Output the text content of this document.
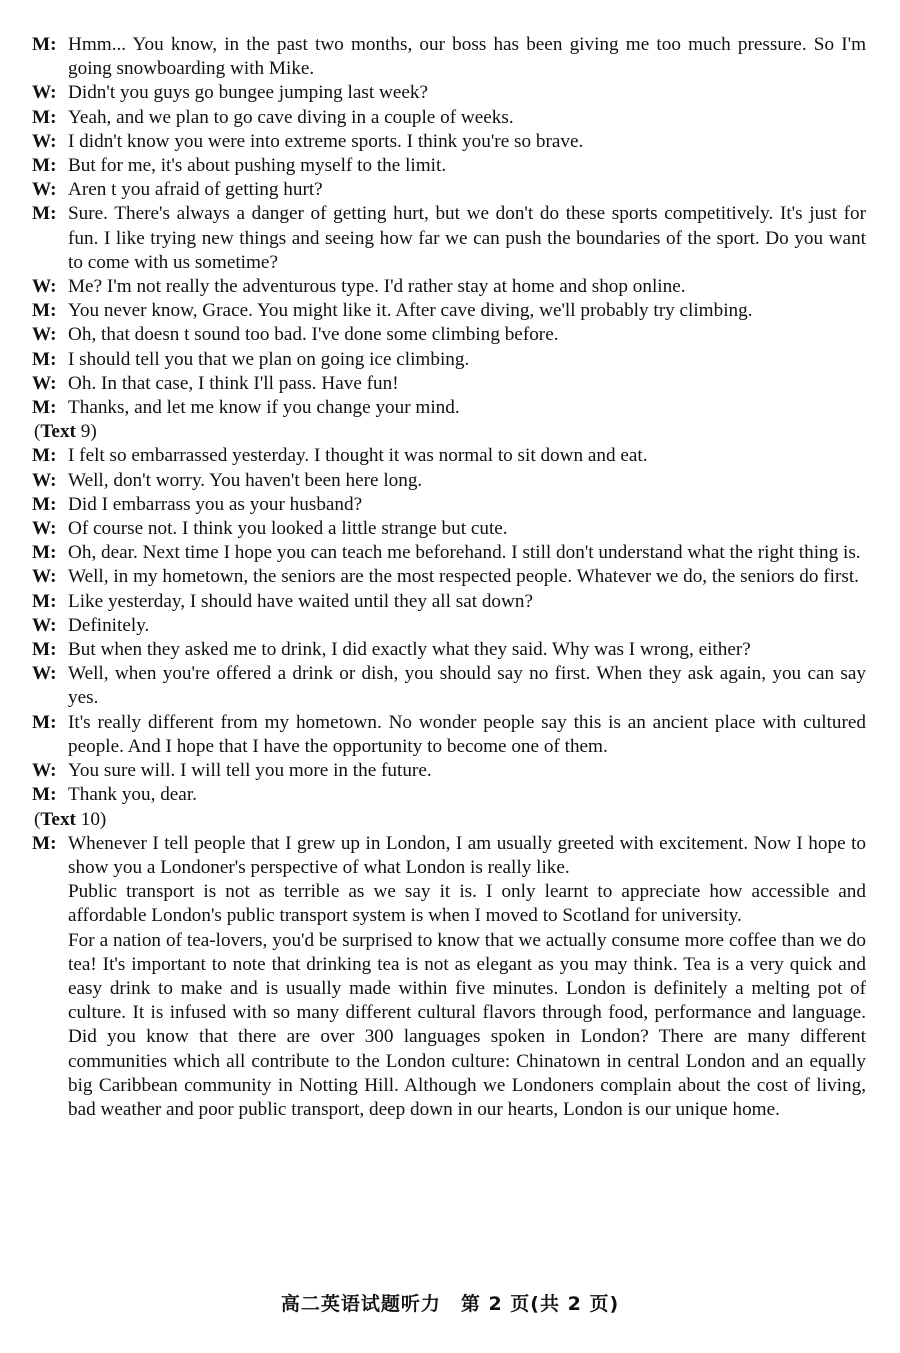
M: Hmm... You know, in the past two months, our boss has been giving me too much pressure. So I'm going snowboarding with Mike.
W: Didn't you guys go bungee jumping last week?
M: Yeah, and we plan to go cave diving in a couple of weeks.
W: I didn't know you were into extreme sports. I think you're so brave.
M: But for me, it's about pushing myself to the limit.
W: Aren t you afraid of getting hurt?
M: Sure. There's always a danger of getting hurt, but we don't do these sports competitively. It's just for fun. I like trying new things and seeing how far we can push the boundaries of the sport. Do you want to come with us sometime?
W: Me? I'm not really the adventurous type. I'd rather stay at home and shop online.
M: You never know, Grace. You might like it. After cave diving, we'll probably try climbing.
W: Oh, that doesn t sound too bad. I've done some climbing before.
M: I should tell you that we plan on going ice climbing.
W: Oh. In that case, I think I'll pass. Have fun!
M: Thanks, and let me know if you change your mind.
(Text 9)
M: I felt so embarrassed yesterday. I thought it was normal to sit down and eat.
W: Well, don't worry. You haven't been here long.
M: Did I embarrass you as your husband?
W: Of course not. I think you looked a little strange but cute.
M: Oh, dear. Next time I hope you can teach me beforehand. I still don't understand what the right thing is.
W: Well, in my hometown, the seniors are the most respected people. Whatever we do, the seniors do first.
M: Like yesterday, I should have waited until they all sat down?
W: Definitely.
M: But when they asked me to drink, I did exactly what they said. Why was I wrong, either?
W: Well, when you're offered a drink or dish, you should say no first. When they ask again, you can say yes.
M: It's really different from my hometown. No wonder people say this is an ancient place with cultured people. And I hope that I have the opportunity to become one of them.
W: You sure will. I will tell you more in the future.
M: Thank you, dear.
(Text 10)
M: Whenever I tell people that I grew up in London, I am usually greeted with excitement. Now I hope to show you a Londoner's perspective of what London is really like.
Public transport is not as terrible as we say it is. I only learnt to appreciate how accessible and affordable London's public transport system is when I moved to Scotland for university.
For a nation of tea-lovers, you'd be surprised to know that we actually consume more coffee than we do tea! It's important to note that drinking tea is not as elegant as you may think. Tea is a very quick and easy drink to make and is usually made within five minutes. London is definitely a melting pot of culture. It is infused with so many different cultural flavors through food, performance and language. Did you know that there are over 300 languages spoken in London? There are many different communities which all contribute to the London culture: Chinatown in central London and an equally big Caribbean community in Notting Hill. Although we Londoners complain about the cost of living, bad weather and poor public transport, deep down in our hearts, London is our unique home.
高二英语试题听力　第 2 页(共 2 页)
